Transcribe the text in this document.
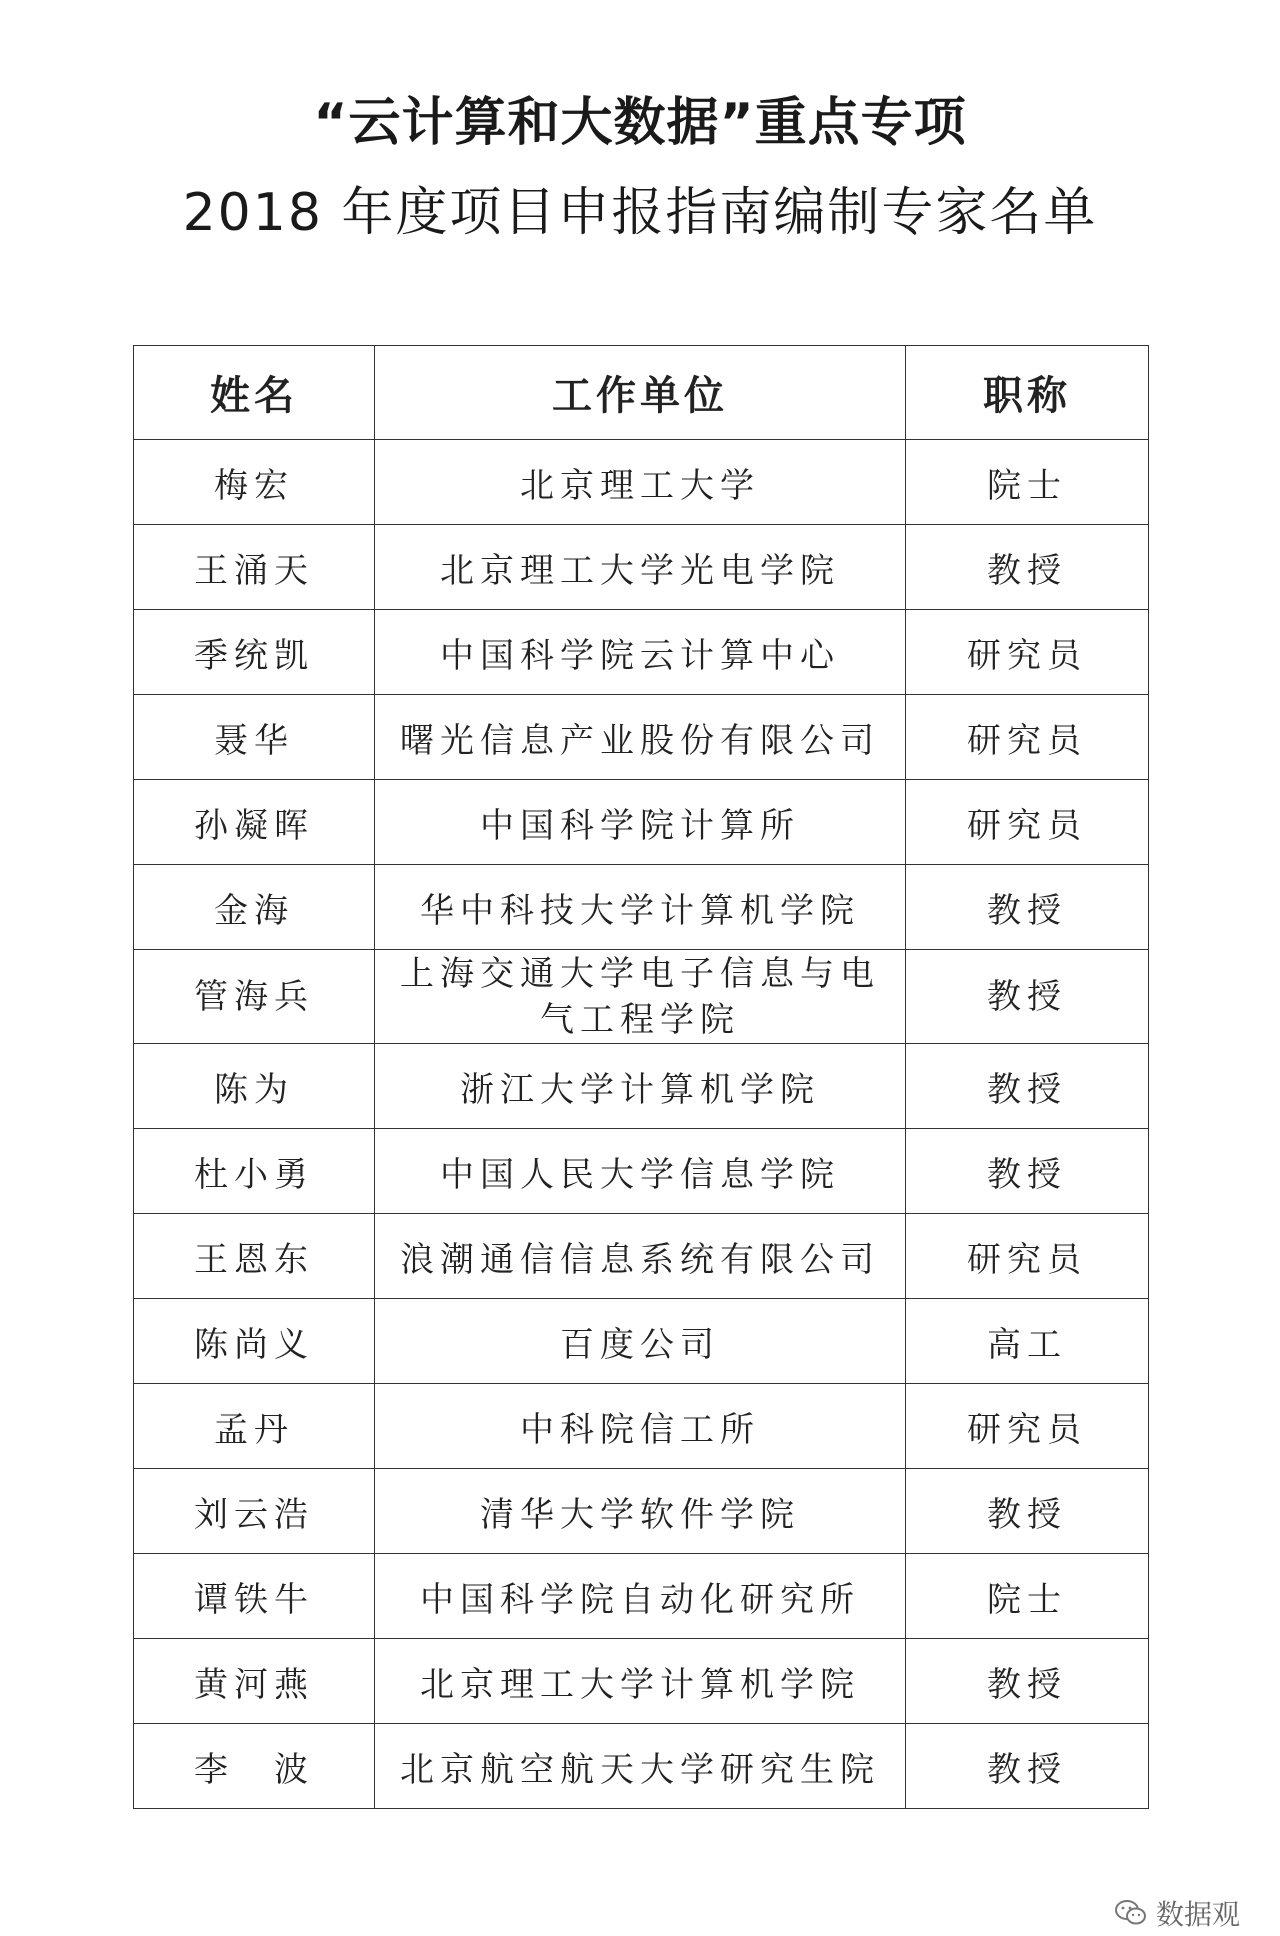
“云计算和大数据”重点专项
2018 年度项目申报指南编制专家名单
姓名	工作单位	职称
梅宏	北京理工大学	院士
王涌天	北京理工大学光电学院	教授
季统凯	中国科学院云计算中心	研究员
聂华	曙光信息产业股份有限公司	研究员
孙凝晖	中国科学院计算所	研究员
金海	华中科技大学计算机学院	教授
管海兵	上海交通大学电子信息与电气工程学院	教授
陈为	浙江大学计算机学院	教授
杜小勇	中国人民大学信息学院	教授
王恩东	浪潮通信信息系统有限公司	研究员
陈尚义	百度公司	高工
孟丹	中科院信工所	研究员
刘云浩	清华大学软件学院	教授
谭铁牛	中国科学院自动化研究所	院士
黄河燕	北京理工大学计算机学院	教授
李　波	北京航空航天大学研究生院	教授
数据观
